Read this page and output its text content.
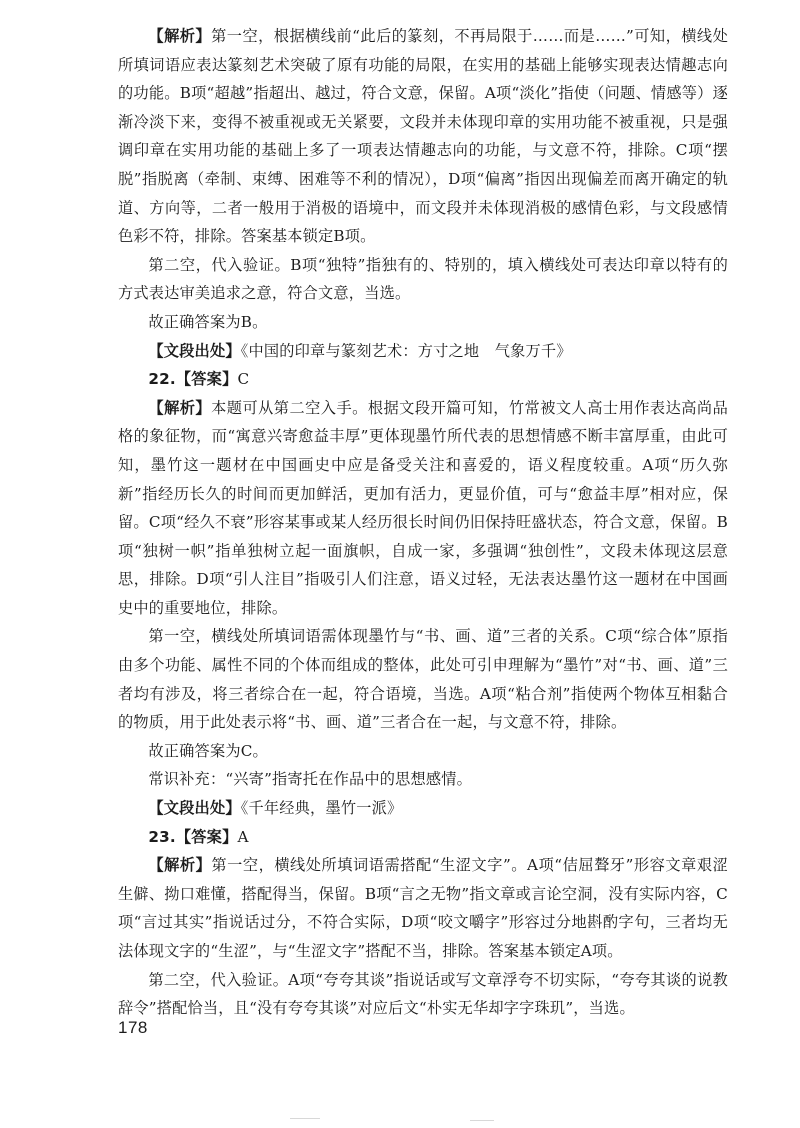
【解析】第一空，根据横线前“此后的篆刻，不再局限于……而是……”可知，横线处所填词语应表达篆刻艺术突破了原有功能的局限，在实用的基础上能够实现表达情趣志向的功能。B项“超越”指超出、越过，符合文意，保留。A项“淡化”指使（问题、情感等）逐渐冷淡下来，变得不被重视或无关紧要，文段并未体现印章的实用功能不被重视，只是强调印章在实用功能的基础上多了一项表达情趣志向的功能，与文意不符，排除。C项“摆脱”指脱离（牵制、束缚、困难等不利的情况），D项“偏离”指因出现偏差而离开确定的轨道、方向等，二者一般用于消极的语境中，而文段并未体现消极的感情色彩，与文段感情色彩不符，排除。答案基本锁定B项。

第二空，代入验证。B项“独特”指独有的、特别的，填入横线处可表达印章以特有的方式表达审美追求之意，符合文意，当选。

故正确答案为B。

【文段出处】《中国的印章与篆刻艺术：方寸之地　气象万千》

22.【答案】C

【解析】本题可从第二空入手。根据文段开篇可知，竹常被文人高士用作表达高尚品格的象征物，而“寓意兴寄愈益丰厚”更体现墨竹所代表的思想情感不断丰富厚重，由此可知，墨竹这一题材在中国画史中应是备受关注和喜爱的，语义程度较重。A项“历久弥新”指经历长久的时间而更加鲜活，更加有活力，更显价值，可与“愈益丰厚”相对应，保留。C项“经久不衰”形容某事或某人经历很长时间仍旧保持旺盛状态，符合文意，保留。B项“独树一帜”指单独树立起一面旗帜，自成一家，多强调“独创性”，文段未体现这层意思，排除。D项“引人注目”指吸引人们注意，语义过轻，无法表达墨竹这一题材在中国画史中的重要地位，排除。

第一空，横线处所填词语需体现墨竹与“书、画、道”三者的关系。C项“综合体”原指由多个功能、属性不同的个体而组成的整体，此处可引申理解为“墨竹”对“书、画、道”三者均有涉及，将三者综合在一起，符合语境，当选。A项“粘合剂”指使两个物体互相黏合的物质，用于此处表示将“书、画、道”三者合在一起，与文意不符，排除。

故正确答案为C。

常识补充：“兴寄”指寄托在作品中的思想感情。

【文段出处】《千年经典，墨竹一派》

23.【答案】A

【解析】第一空，横线处所填词语需搭配“生涩文字”。A项“佶屈聱牙”形容文章艰涩生僻、拗口难懂，搭配得当，保留。B项“言之无物”指文章或言论空洞，没有实际内容，C项“言过其实”指说话过分，不符合实际，D项“咬文嚼字”形容过分地斟酌字句，三者均无法体现文字的“生涩”，与“生涩文字”搭配不当，排除。答案基本锁定A项。

第二空，代入验证。A项“夸夸其谈”指说话或写文章浮夸不切实际，“夸夸其谈的说教辞令”搭配恰当，且“没有夸夸其谈”对应后文“朴实无华却字字珠玑”，当选。

178
